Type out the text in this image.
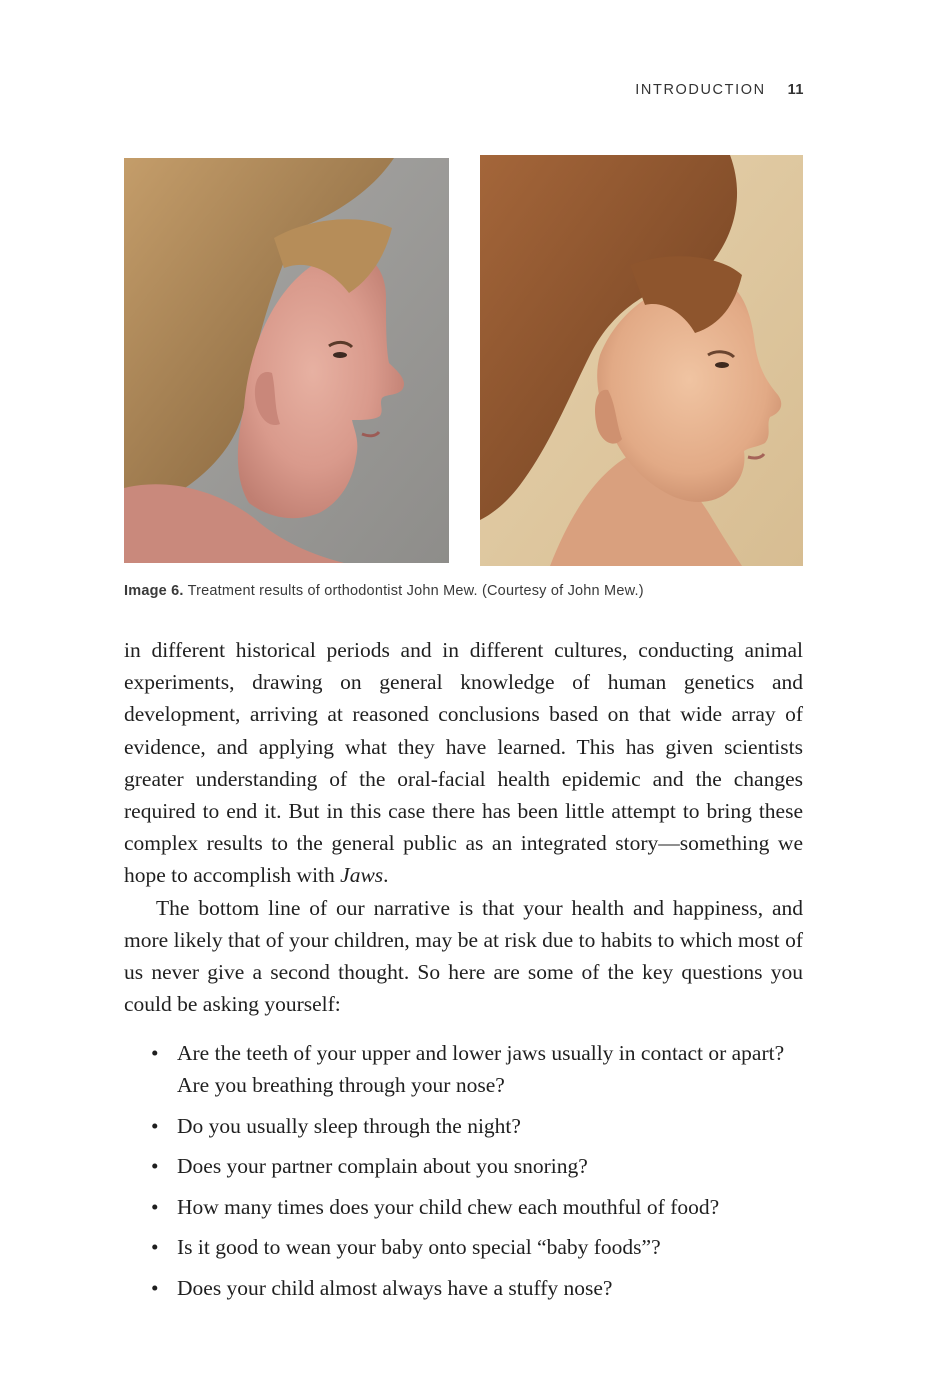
INTRODUCTION 11
Image 6. Treatment results of orthodontist John Mew. (Courtesy of John Mew.)

in different historical periods and in different cultures, conducting animal experiments, drawing on general knowledge of human genetics and development, arriving at reasoned conclusions based on that wide array of evidence, and applying what they have learned. This has given scientists greater understanding of the oral-facial health epidemic and the changes required to end it. But in this case there has been little attempt to bring these complex results to the general public as an integrated story—something we hope to accomplish with Jaws.

The bottom line of our narrative is that your health and happiness, and more likely that of your children, may be at risk due to habits to which most of us never give a second thought. So here are some of the key questions you could be asking yourself:

• Are the teeth of your upper and lower jaws usually in contact or apart? Are you breathing through your nose?
• Do you usually sleep through the night?
• Does your partner complain about you snoring?
• How many times does your child chew each mouthful of food?
• Is it good to wean your baby onto special “baby foods”?
• Does your child almost always have a stuffy nose?
